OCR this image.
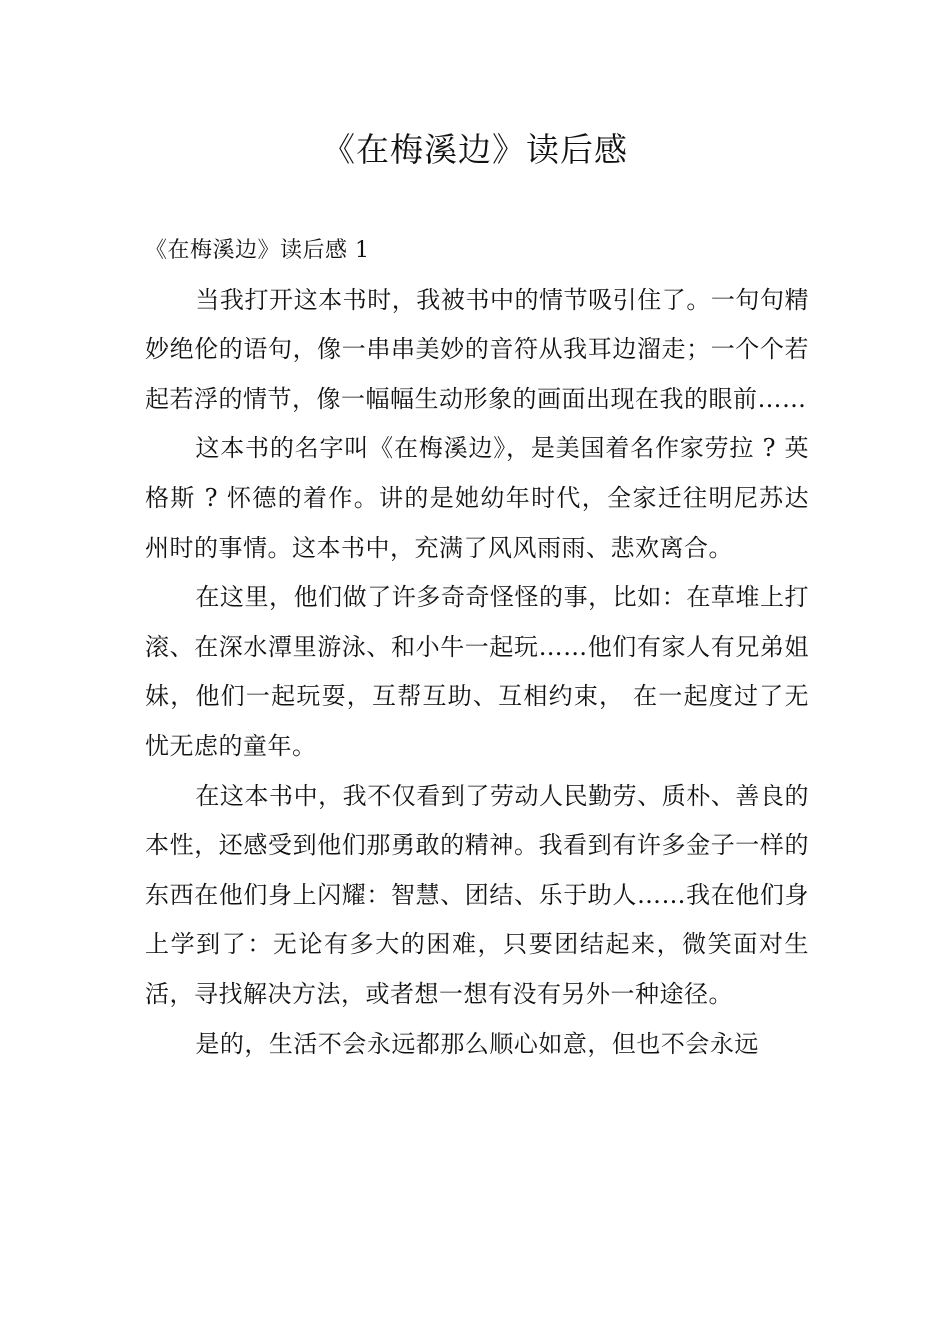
《在梅溪边》读后感

《在梅溪边》读后感 1

当我打开这本书时，我被书中的情节吸引住了。一句句精妙绝伦的语句，像一串串美妙的音符从我耳边溜走；一个个若起若浮的情节，像一幅幅生动形象的画面出现在我的眼前……

这本书的名字叫《在梅溪边》，是美国着名作家劳拉 ? 英格斯 ? 怀德的着作。讲的是她幼年时代，全家迁往明尼苏达州时的事情。这本书中，充满了风风雨雨、悲欢离合。

在这里，他们做了许多奇奇怪怪的事，比如：在草堆上打滚、在深水潭里游泳、和小牛一起玩……他们有家人有兄弟姐妹，他们一起玩耍，互帮互助、互相约束， 在一起度过了无忧无虑的童年。

在这本书中，我不仅看到了劳动人民勤劳、质朴、善良的本性，还感受到他们那勇敢的精神。我看到有许多金子一样的东西在他们身上闪耀：智慧、团结、乐于助人……我在他们身上学到了：无论有多大的困难，只要团结起来，微笑面对生活，寻找解决方法，或者想一想有没有另外一种途径。

是的，生活不会永远都那么顺心如意，但也不会永远
